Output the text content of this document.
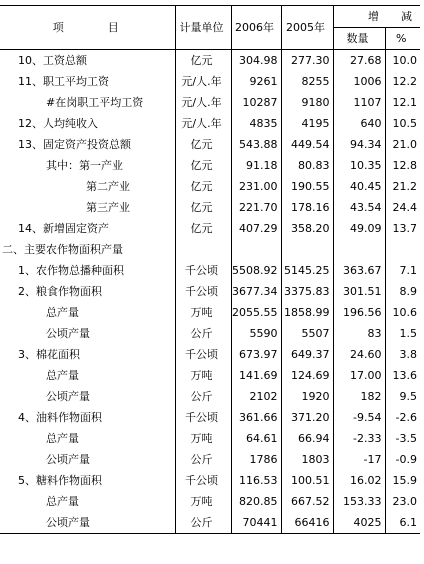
项　　　　目	计量单位	2006年	2005年	增　　减	
				数量	%
10、工资总额	亿元	304.98	277.30	27.68	10.0
11、职工平均工资	元/人.年	9261	8255	1006	12.2
#在岗职工平均工资	元/人.年	10287	9180	1107	12.1
12、人均纯收入	元/人.年	4835	4195	640	10.5
13、固定资产投资总额	亿元	543.88	449.54	94.34	21.0
其中：第一产业	亿元	91.18	80.83	10.35	12.8
第二产业	亿元	231.00	190.55	40.45	21.2
第三产业	亿元	221.70	178.16	43.54	24.4
14、新增固定资产	亿元	407.29	358.20	49.09	13.7
二、主要农作物面积产量					
1、农作物总播种面积	千公顷	5508.92	5145.25	363.67	7.1
2、粮食作物面积	千公顷	3677.34	3375.83	301.51	8.9
总产量	万吨	2055.55	1858.99	196.56	10.6
公顷产量	公斤	5590	5507	83	1.5
3、棉花面积	千公顷	673.97	649.37	24.60	3.8
总产量	万吨	141.69	124.69	17.00	13.6
公顷产量	公斤	2102	1920	182	9.5
4、油料作物面积	千公顷	361.66	371.20	-9.54	-2.6
总产量	万吨	64.61	66.94	-2.33	-3.5
公顷产量	公斤	1786	1803	-17	-0.9
5、糖料作物面积	千公顷	116.53	100.51	16.02	15.9
总产量	万吨	820.85	667.52	153.33	23.0
公顷产量	公斤	70441	66416	4025	6.1
